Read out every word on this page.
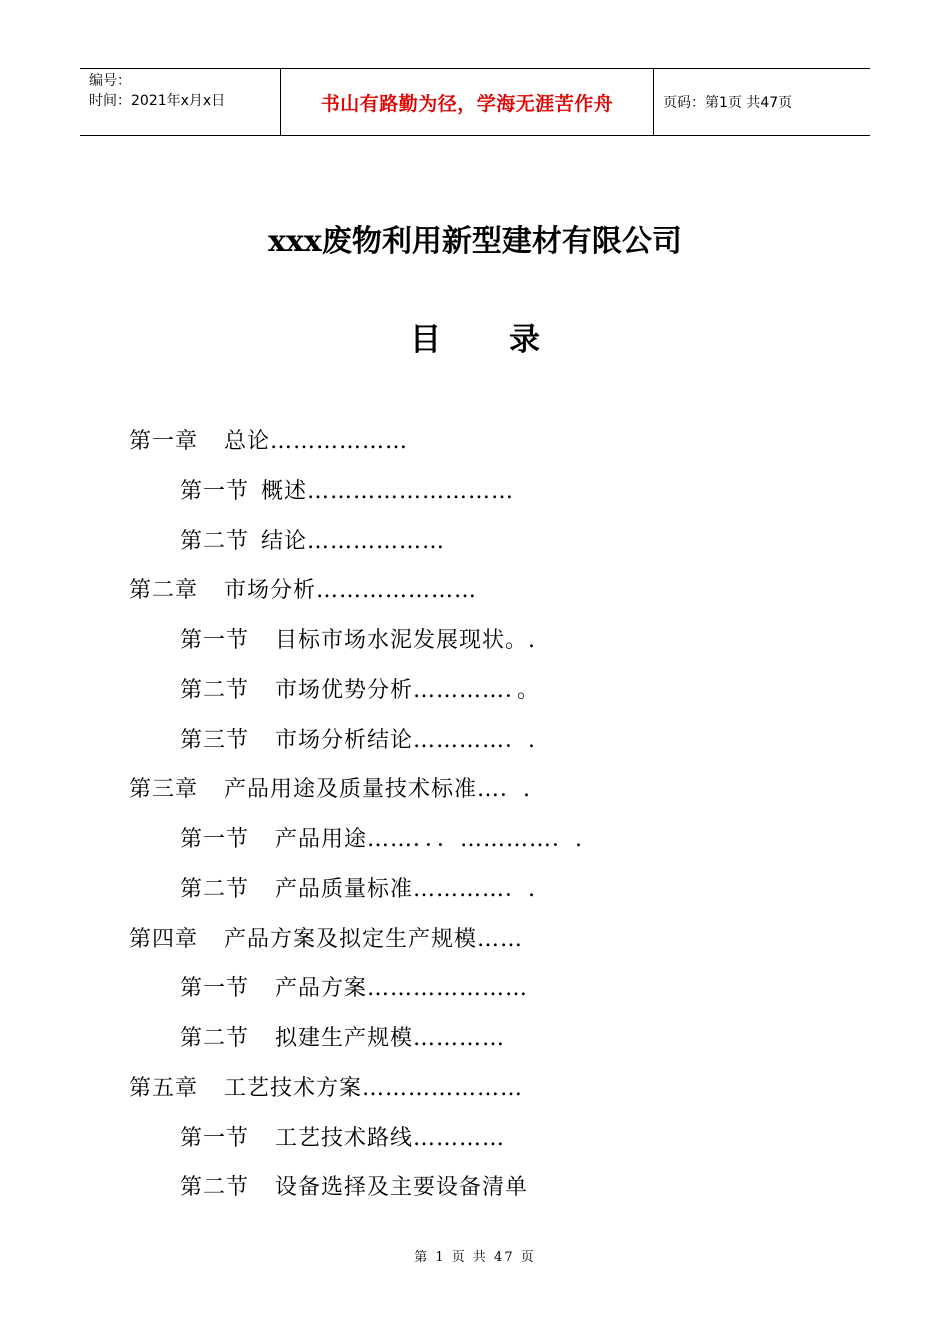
编号：
时间：2021年x月x日	书山有路勤为径，学海无涯苦作舟	页码：第1页 共47页
xxx废物利用新型建材有限公司
目录
第一章 总论………………
第一节 概述………………………
第二节 结论………………
第二章 市场分析…………………
第一节 目标市场水泥发展现状。.
第二节 市场优势分析…………．。
第三节 市场分析结论…………．.
第三章 产品用途及质量技术标准…．.
第一节 产品用途……．．．…………．.
第二节 产品质量标准…………．.
第四章 产品方案及拟定生产规模……
第一节 产品方案…………………
第二节 拟建生产规模…………
第五章 工艺技术方案…………………
第一节 工艺技术路线…………
第二节 设备选择及主要设备清单
第 1 页 共 47 页
